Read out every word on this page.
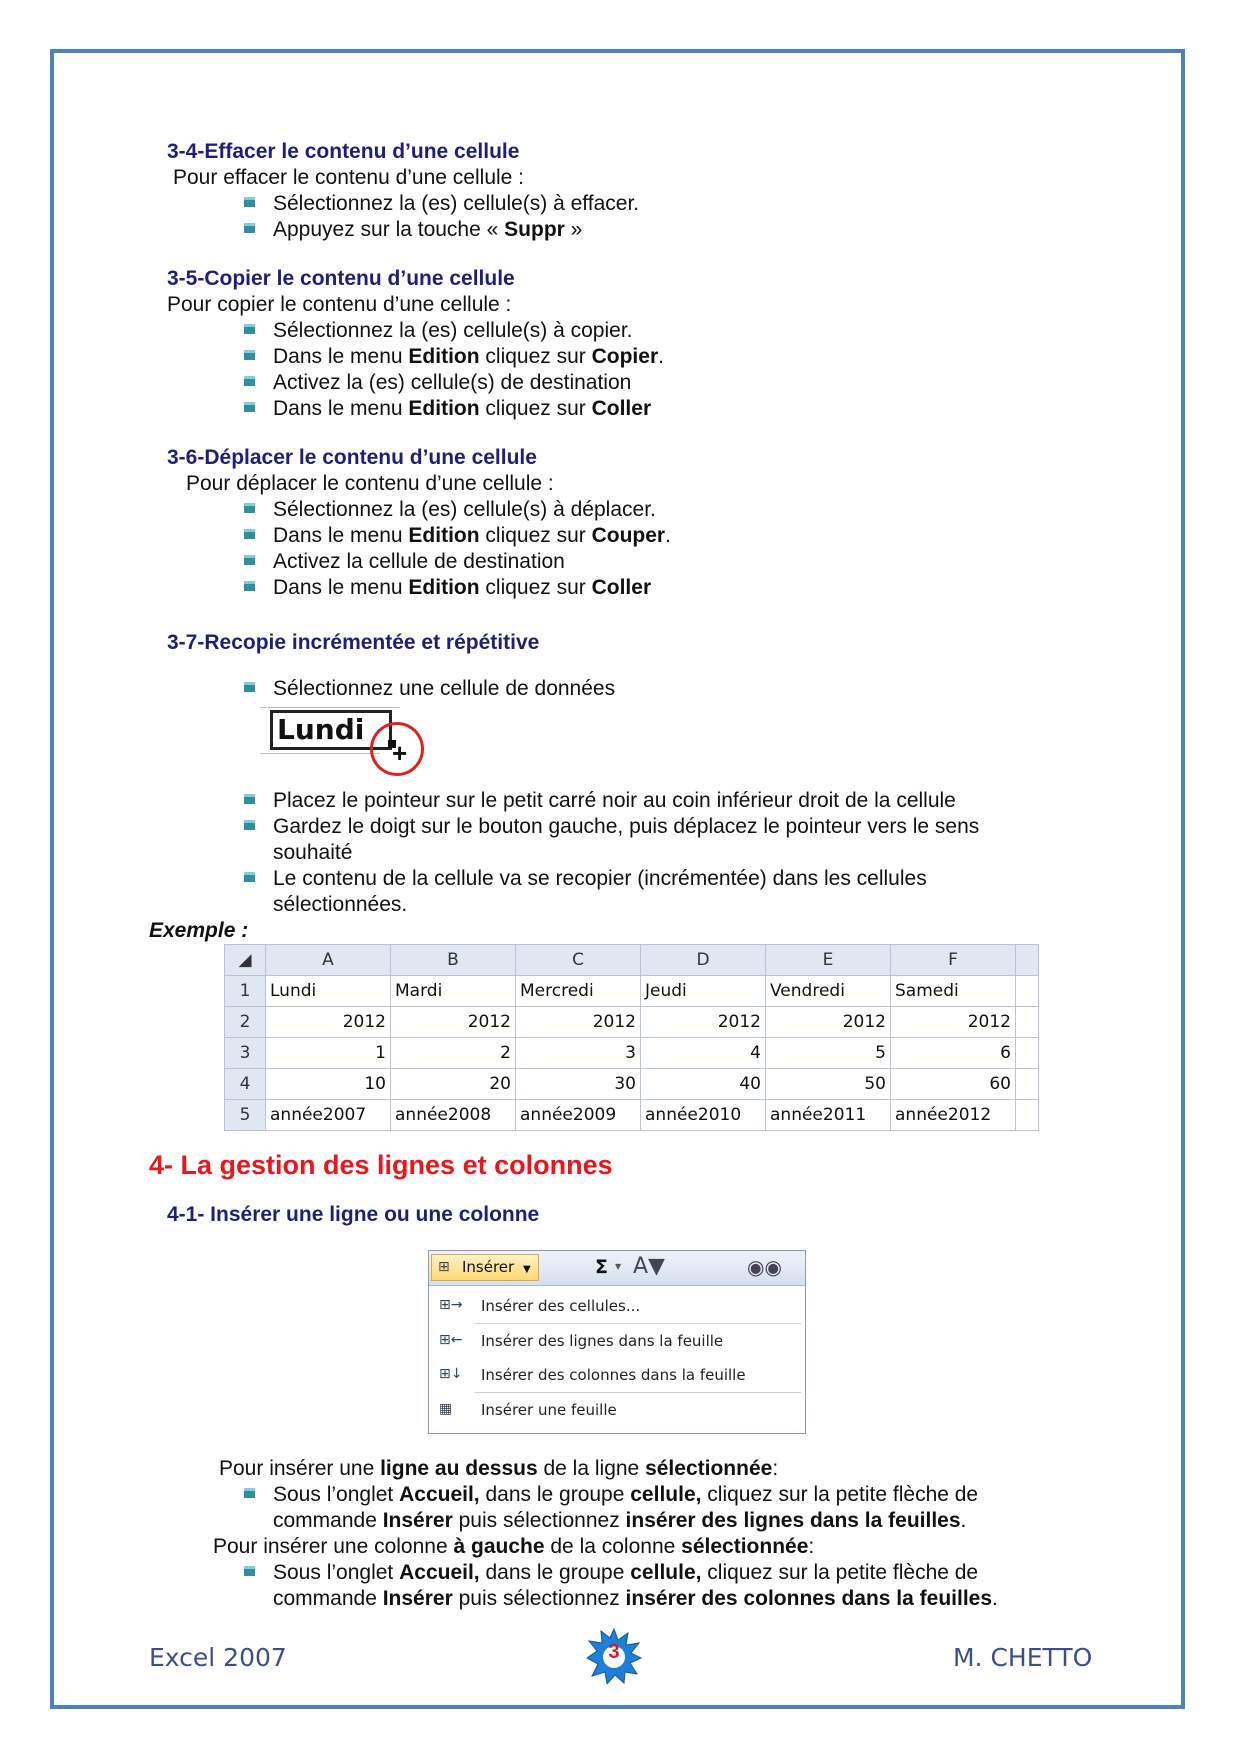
3-4-Effacer le contenu d’une cellule
Pour effacer le contenu d’une cellule :
Sélectionnez la (es) cellule(s) à effacer.
Appuyez sur la touche « Suppr »
3-5-Copier le contenu d’une cellule
Pour copier le contenu d’une cellule :
Sélectionnez la (es) cellule(s) à copier.
Dans le menu Edition cliquez sur Copier.
Activez la (es) cellule(s) de destination
Dans le menu Edition cliquez sur Coller
3-6-Déplacer le contenu d’une cellule
Pour déplacer le contenu d’une cellule :
Sélectionnez la (es) cellule(s) à déplacer.
Dans le menu Edition cliquez sur Couper.
Activez la cellule de destination
Dans le menu Edition cliquez sur Coller
3-7-Recopie incrémentée et répétitive
Sélectionnez une cellule de données
Lundi
+
Placez le pointeur sur le petit carré noir au coin inférieur droit de la cellule
Gardez le doigt sur le bouton gauche, puis déplacez le pointeur vers le sens
souhaité
Le contenu de la cellule va se recopier (incrémentée) dans les cellules
sélectionnées.
Exemple :
◢	A	B	C	D	E	F	
1	Lundi	Mardi	Mercredi	Jeudi	Vendredi	Samedi	
2	2012	2012	2012	2012	2012	2012	
3	1	2	3	4	5	6	
4	10	20	30	40	50	60	
5	année2007	année2008	année2009	année2010	année2011	année2012	
4- La gestion des lignes et colonnes
4-1- Insérer une ligne ou une colonne
⊞ Insérer ▼	Σ ▼ A▼	◉◉
⊞→ Insérer des cellules...
⊞← Insérer des lignes dans la feuille
⊞↓ Insérer des colonnes dans la feuille
▦	Insérer une feuille
Pour insérer une ligne au dessus de la ligne sélectionnée:
Sous l’onglet Accueil, dans le groupe cellule, cliquez sur la petite flèche de
commande Insérer puis sélectionnez insérer des lignes dans la feuilles.
Pour insérer une colonne à gauche de la colonne sélectionnée:
Sous l’onglet Accueil, dans le groupe cellule, cliquez sur la petite flèche de
commande Insérer puis sélectionnez insérer des colonnes dans la feuilles.
Excel 2007	3	M. CHETTO
